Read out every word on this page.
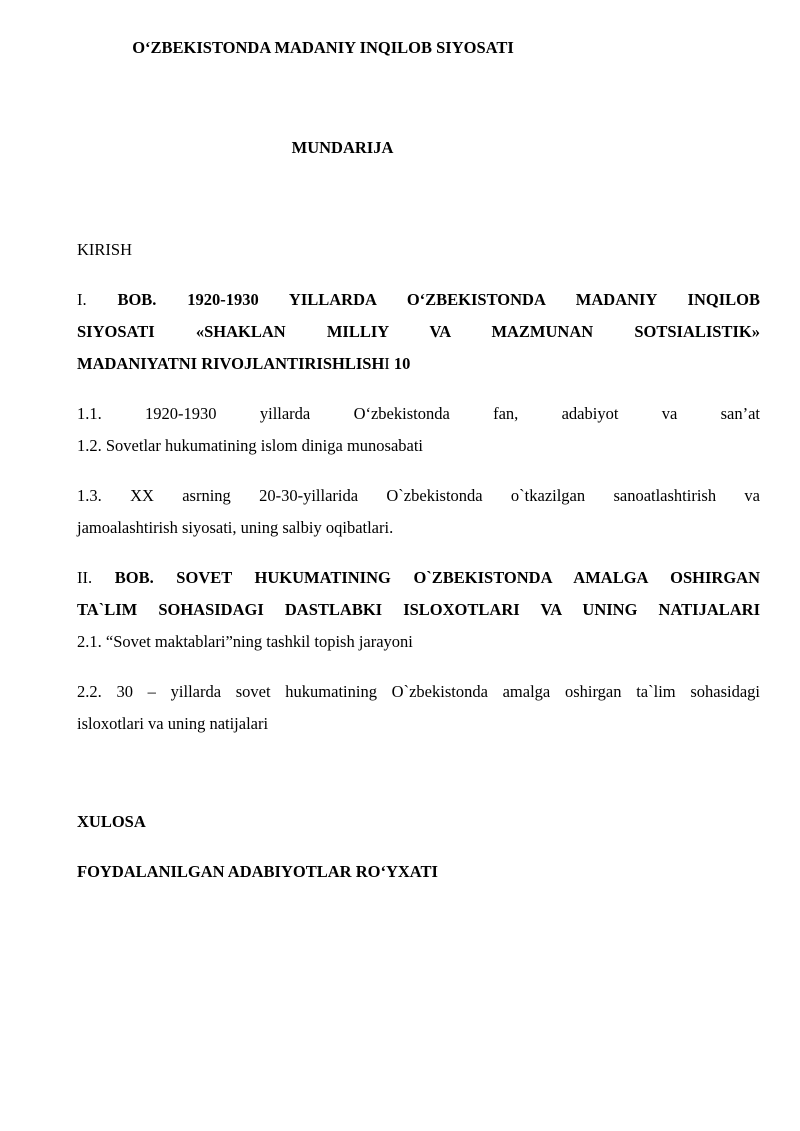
O‘ZBEKISTONDA MADANIY INQILOB SIYOSATI
MUNDARIJA

KIRISH

I. BOB. 1920-1930 YILLARDA O‘ZBEKISTONDA MADANIY INQILOB

SIYOSATI «SHAKLAN MILLIY VA MAZMUNAN SOTSIALISTIK»

MADANIYATNI RIVOJLANTIRISHLISHI 10

1.1. 1920-1930 yillarda O‘zbekistonda fan, adabiyot va san’at

1.2. Sovetlar hukumatining islom diniga munosabati

1.3. XX asrning 20-30-yillarida O`zbekistonda o`tkazilgan sanoatlashtirish va

jamoalashtirish siyosati, uning salbiy oqibatlari.

II. BOB. SOVET HUKUMATINING O`ZBEKISTONDA AMALGA OSHIRGAN

TA`LIM SOHASIDAGI DASTLABKI ISLOXOTLARI VA UNING NATIJALARI

2.1. “Sovet maktablari”ning tashkil topish jarayoni

2.2. 30 – yillarda sovet hukumatining O`zbekistonda amalga oshirgan ta`lim sohasidagi

isloxotlari va uning natijalari

XULOSA

FOYDALANILGAN ADABIYOTLAR RO‘YXATI
